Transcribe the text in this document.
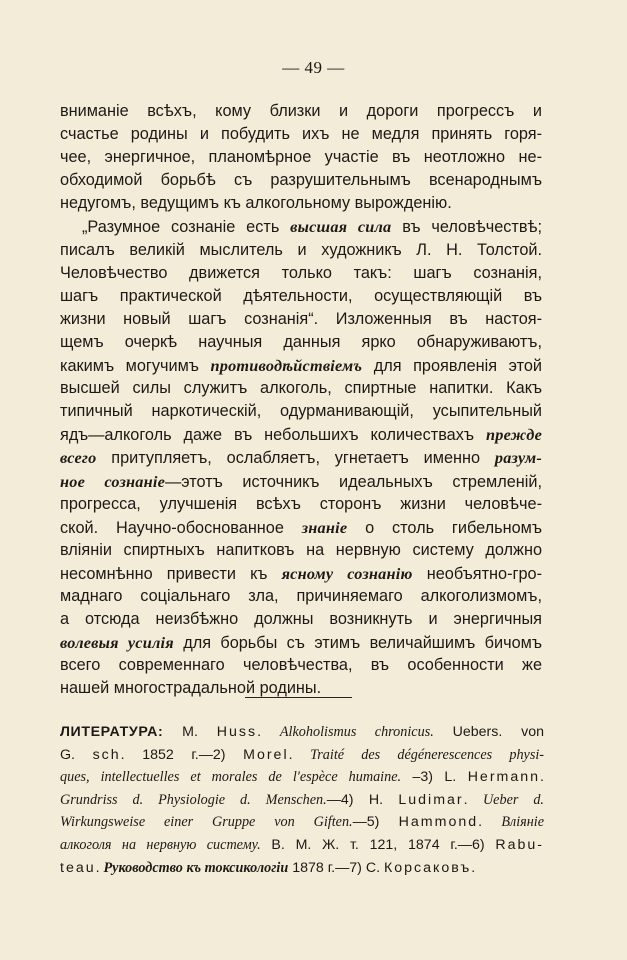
— 49 —
вниманіе всѣхъ, кому близки и дороги прогрессъ и
счастье родины и побудить ихъ не медля принять горя-
чее, энергичное, планомѣрное участіе въ неотложно не-
обходимой борьбѣ съ разрушительнымъ всенароднымъ
недугомъ, ведущимъ къ алкогольному вырожденію.
„Разумное сознаніе есть высшая сила въ человѣчествѣ;
писалъ великій мыслитель и художникъ Л. Н. Толстой.
Человѣчество движется только такъ: шагъ сознанія,
шагъ практической дѣятельности, осуществляющій въ
жизни новый шагъ сознанія“. Изложенныя въ настоя-
щемъ очеркѣ научныя данныя ярко обнаруживаютъ,
какимъ могучимъ противодѣйствіемъ для проявленія этой
высшей силы служитъ алкоголь, спиртные напитки. Какъ
типичный наркотическій, одурманивающій, усыпительный
ядъ—алкоголь даже въ небольшихъ количествахъ прежде
всего притупляетъ, ослабляетъ, угнетаетъ именно разум-
ное сознаніе—этотъ источникъ идеальныхъ стремленій,
прогресса, улучшенія всѣхъ сторонъ жизни человѣче-
ской. Научно-обоснованное знаніе о столь гибельномъ
вліяніи спиртныхъ напитковъ на нервную систему должно
несомнѣнно привести къ ясному сознанію необъятно-гро-
маднаго соціальнаго зла, причиняемаго алкоголизмомъ,
а отсюда неизбѣжно должны возникнуть и энергичныя
волевыя усилія для борьбы съ этимъ величайшимъ бичомъ
всего современнаго человѣчества, въ особенности же
нашей многострадальной родины.
ЛИТЕРАТУРА: M. Huss. Alkoholismus chronicus. Uebers. von
G. sch. 1852 г.—2) Morel. Traité des dégénerescences physi-
ques, intellectuelles et morales de l'espèce humaine. –3) L. Hermann.
Grundriss d. Physiologie d. Menschen.—4) H. Ludimar. Ueber d.
Wirkungsweise einer Gruppe von Giften.—5) Hammond. Вліяніе
алкоголя на нервную систему. В. М. Ж. т. 121, 1874 г.—6) Rabu-
teau. Руководство къ токсикологіи 1878 г.—7) С. Корсаковъ.
